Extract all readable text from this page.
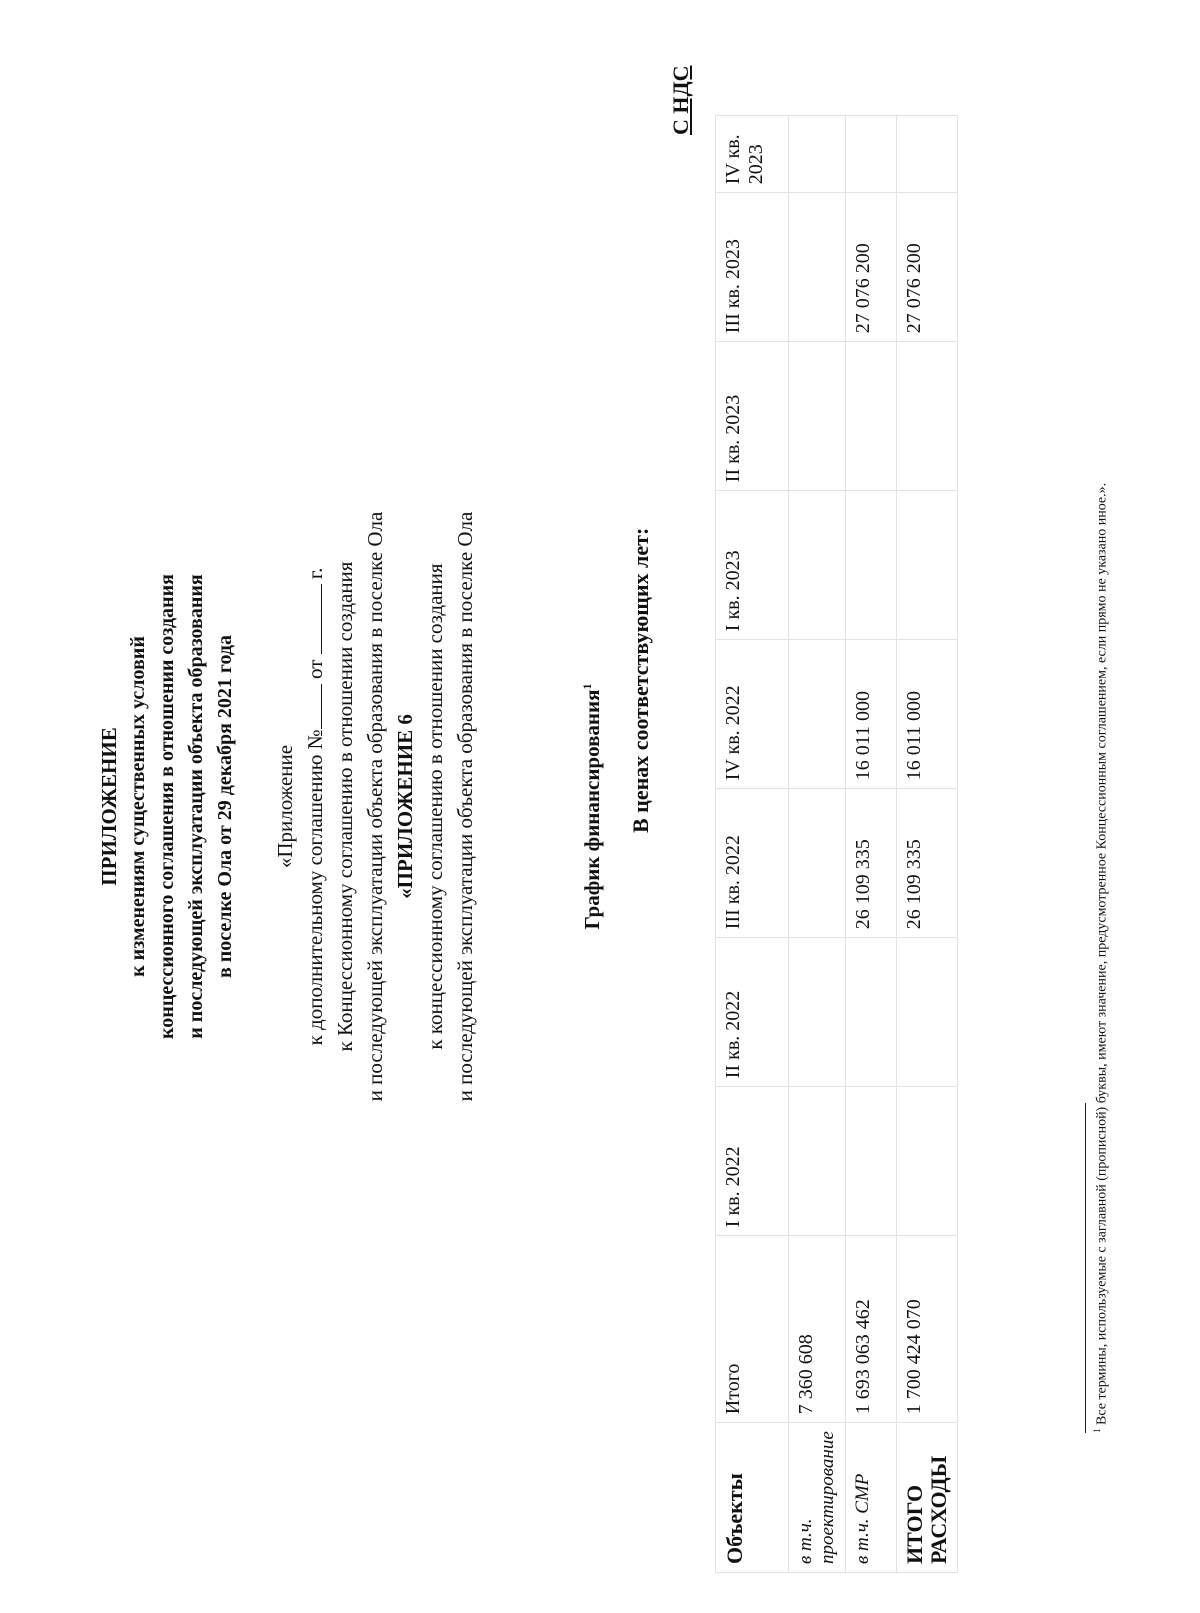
ПРИЛОЖЕНИЕ к изменениям существенных условий концессионного соглашения в отношении создания и последующей эксплуатации объекта образования в поселке Ола от 29 декабря 2021 года «Приложение к дополнительному соглашению № от  г. к Концессионному соглашению в отношении создания и последующей эксплуатации объекта образования в поселке Ола «ПРИЛОЖЕНИЕ 6 к концессионному соглашению в отношении создания и последующей эксплуатации объекта образования в поселке Ола	График финансирования$^1$	В ценах соответствующих лет:
С НДС
Объекты	Итого	I кв. 2022	II кв. 2022	III кв. 2022	IV кв. 2022	I кв. 2023	II кв. 2023	III кв. 2023	IV кв. 2023
в т.ч. проектирование	7 360 608								
в т.ч. СМР	1 693 063 462			26 109 335	16 011 000			27 076 200	
ИТОГО РАСХОДЫ	1 700 424 070			26 109 335	16 011 000			27 076 200	
$^1$ Все термины, используемые с заглавной (прописной) буквы, имеют значение, предусмотренное Концессионным соглашением, если прямо не указано иное.».
